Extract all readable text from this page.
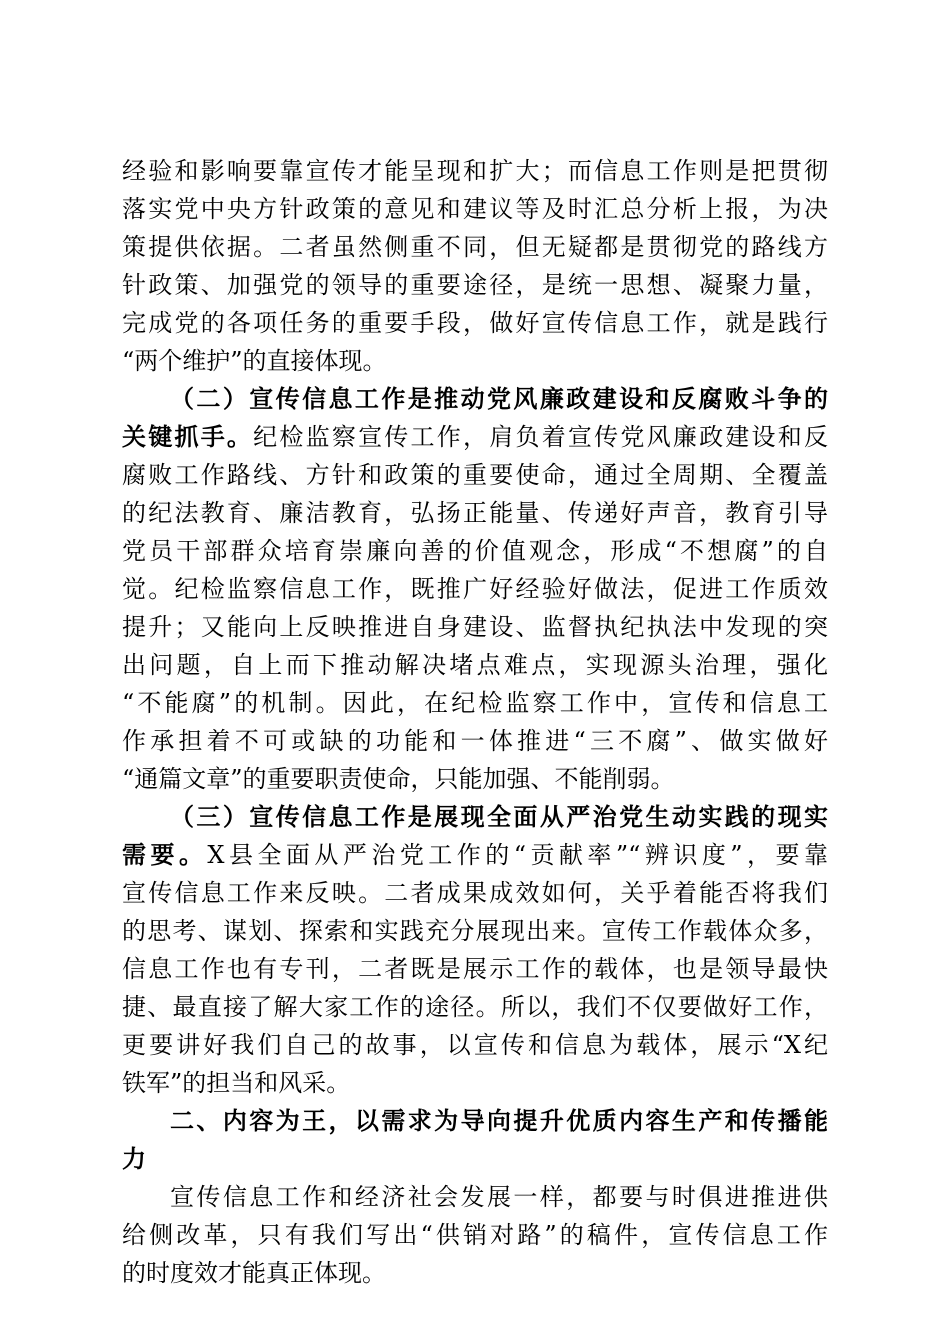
经验和影响要靠宣传才能呈现和扩大；而信息工作则是把贯彻
落实党中央方针政策的意见和建议等及时汇总分析上报，为决
策提供依据。二者虽然侧重不同，但无疑都是贯彻党的路线方
针政策、加强党的领导的重要途径，是统一思想、凝聚力量，
完成党的各项任务的重要手段，做好宣传信息工作，就是践行
“两个维护”的直接体现。
（二）宣传信息工作是推动党风廉政建设和反腐败斗争的
关键抓手。纪检监察宣传工作，肩负着宣传党风廉政建设和反
腐败工作路线、方针和政策的重要使命，通过全周期、全覆盖
的纪法教育、廉洁教育，弘扬正能量、传递好声音，教育引导
党员干部群众培育崇廉向善的价值观念，形成“不想腐”的自
觉。纪检监察信息工作，既推广好经验好做法，促进工作质效
提升；又能向上反映推进自身建设、监督执纪执法中发现的突
出问题，自上而下推动解决堵点难点，实现源头治理，强化
“不能腐”的机制。因此，在纪检监察工作中，宣传和信息工
作承担着不可或缺的功能和一体推进“三不腐”、做实做好
“通篇文章”的重要职责使命，只能加强、不能削弱。
（三）宣传信息工作是展现全面从严治党生动实践的现实
需要。X县全面从严治党工作的“贡献率”“辨识度”，要靠
宣传信息工作来反映。二者成果成效如何，关乎着能否将我们
的思考、谋划、探索和实践充分展现出来。宣传工作载体众多，
信息工作也有专刊，二者既是展示工作的载体，也是领导最快
捷、最直接了解大家工作的途径。所以，我们不仅要做好工作，
更要讲好我们自己的故事，以宣传和信息为载体，展示“X纪
铁军”的担当和风采。
二、内容为王，以需求为导向提升优质内容生产和传播能
力
宣传信息工作和经济社会发展一样，都要与时俱进推进供
给侧改革，只有我们写出“供销对路”的稿件，宣传信息工作
的时度效才能真正体现。
